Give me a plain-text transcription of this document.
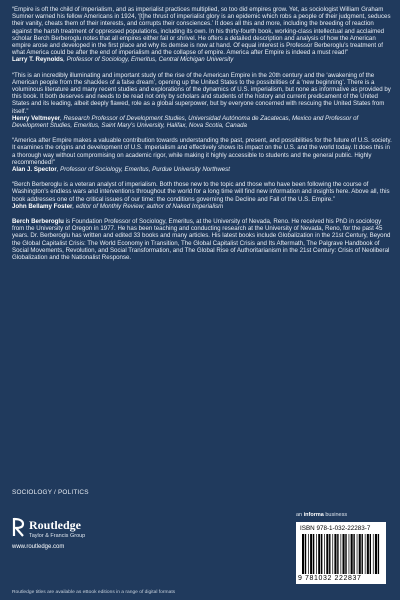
“Empire is oft the child of imperialism, and as imperialist practices multiplied, so too did empires grow. Yet, as sociologist William Graham Sumner warned his fellow Americans in 1924, ‘[t]he thrust of imperialist glory is an epidemic which robs a people of their judgment, seduces their vanity, cheats them of their interests, and corrupts their consciences.’ It does all this and more, including the breeding of reaction against the harsh treatment of oppressed populations, including its own. In his thirty-fourth book, working-class intellectual and acclaimed scholar Berch Berberoglu notes that all empires either fail or shrivel. He offers a detailed description and analysis of how the American empire arose and developed in the first place and why its demise is now at hand. Of equal interest is Professor Berberoglu’s treatment of what America could be after the end of imperialism and the collapse of empire. America after Empire is indeed a must read!”
Larry T. Reynolds, Professor of Sociology, Emeritus, Central Michigan University
“This is an incredibly illuminating and important study of the rise of the American Empire in the 20th century and the ‘awakening of the American people from the shackles of a false dream’, opening up the United States to the possibilities of a ‘new beginning’. There is a voluminous literature and many recent studies and explorations of the dynamics of U.S. imperialism, but none as informative as provided by this book. It both deserves and needs to be read not only by scholars and students of the history and current predicament of the United States and its leading, albeit deeply flawed, role as a global superpower, but by everyone concerned with rescuing the United States from itself.”
Henry Veltmeyer, Research Professor of Development Studies, Universidad Autónoma de Zacatecas, Mexico and Professor of Development Studies, Emeritus, Saint Mary’s University, Halifax, Nova Scotia, Canada
“America after Empire makes a valuable contribution towards understanding the past, present, and possibilities for the future of U.S. society. It examines the origins and development of U.S. imperialism and effectively shows its impact on the U.S. and the world today. It does this in a thorough way without compromising on academic rigor, while making it highly accessible to students and the general public. Highly recommended!”
Alan J. Spector, Professor of Sociology, Emeritus, Purdue University Northwest
“Berch Berberoglu is a veteran analyst of imperialism. Both those new to the topic and those who have been following the course of Washington’s endless wars and interventions throughout the world for a long time will find new information and insights here. Above all, this book addresses one of the critical issues of our time: the conditions governing the Decline and Fall of the U.S. Empire.”
John Bellamy Foster, editor of Monthly Review; author of Naked Imperialism
Berch Berberoglu is Foundation Professor of Sociology, Emeritus, at the University of Nevada, Reno. He received his PhD in sociology from the University of Oregon in 1977. He has been teaching and conducting research at the University of Nevada, Reno, for the past 45 years. Dr. Berberoglu has written and edited 33 books and many articles. His latest books include Globalization in the 21st Century, Beyond the Global Capitalist Crisis: The World Economy in Transition, The Global Capitalist Crisis and Its Aftermath, The Palgrave Handbook of Social Movements, Revolution, and Social Transformation, and The Global Rise of Authoritarianism in the 21st Century: Crisis of Neoliberal Globalization and the Nationalist Response.
SOCIOLOGY / POLITICS
Routledge
Taylor & Francis Group
www.routledge.com
an informa business
ISBN 978-1-032-22283-7
9 781032 222837
Routledge titles are available as eBook editions in a range of digital formats
